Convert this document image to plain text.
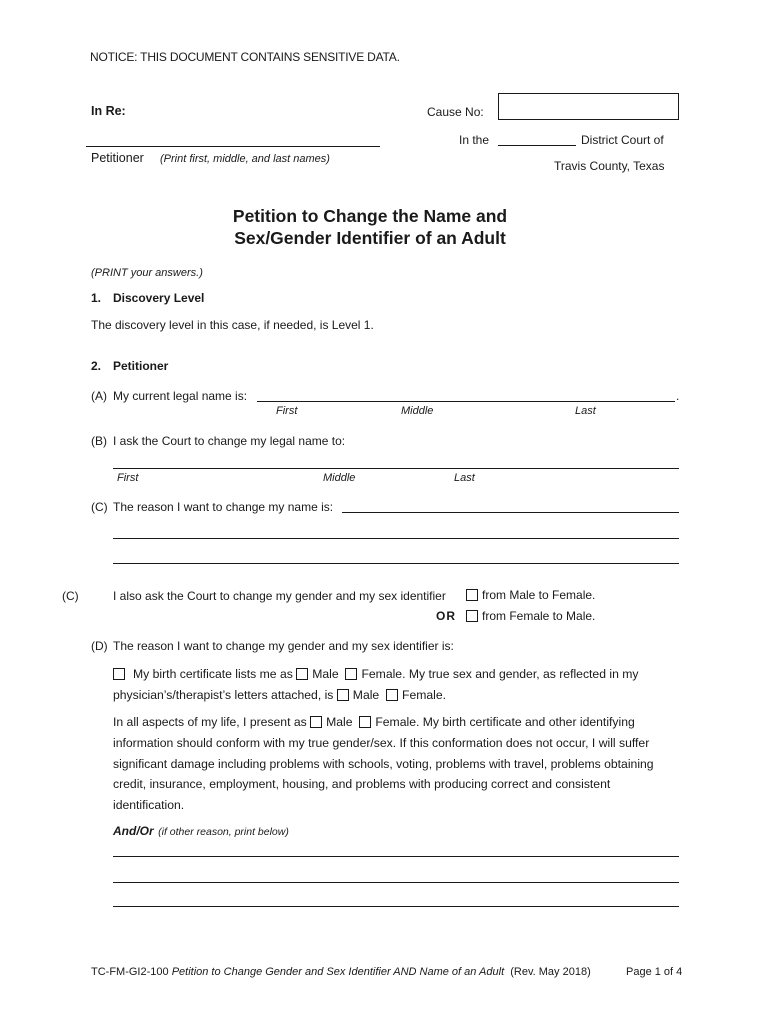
NOTICE: THIS DOCUMENT CONTAINS SENSITIVE DATA.
In Re:
Petitioner (Print first, middle, and last names)
Cause No:
In the	District Court of
Travis County, Texas
Petition to Change the Name and
Sex/Gender Identifier of an Adult
(PRINT your answers.)
1. Discovery Level
The discovery level in this case, if needed, is Level 1.
2. Petitioner
(A) My current legal name is:	.
First	Middle	Last
(B) I ask the Court to change my legal name to:
First	Middle	Last
(C) The reason I want to change my name is:
(C)	I also ask the Court to change my gender and my sex identifier	from Male to Female.
OR	from Female to Male.
(D) The reason I want to change my gender and my sex identifier is:
My birth certificate lists me as Male Female. My true sex and gender, as reflected in my
physician’s/therapist’s letters attached, is Male Female.
In all aspects of my life, I present as Male Female. My birth certificate and other identifying
information should conform with my true gender/sex. If this conformation does not occur, I will suffer
significant damage including problems with schools, voting, problems with travel, problems obtaining
credit, insurance, employment, housing, and problems with producing correct and consistent
identification.
And/Or (if other reason, print below)
TC-FM-GI2-100 Petition to Change Gender and Sex Identifier AND Name of an Adult (Rev. May 2018)	Page 1 of 4
